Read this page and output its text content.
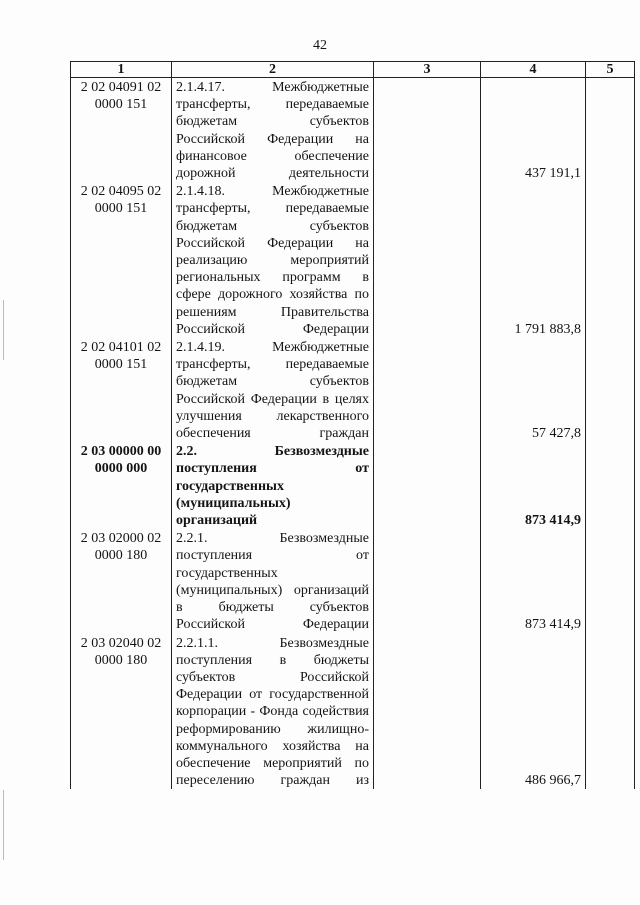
42
1	2	3	4	5
2 02 04091 02 0000 151	2.1.4.17. Межбюджетные трансферты, передаваемые бюджетам субъектов Российской Федерации на финансовое обеспечение дорожной деятельности		437 191,1	
2 02 04095 02 0000 151	2.1.4.18. Межбюджетные трансферты, передаваемые бюджетам субъектов Российской Федерации на реализацию мероприятий региональных программ в сфере дорожного хозяйства по решениям Правительства Российской Федерации		1 791 883,8	
2 02 04101 02 0000 151	2.1.4.19. Межбюджетные трансферты, передаваемые бюджетам субъектов Российской Федерации в целях улучшения лекарственного обеспечения граждан		57 427,8	
2 03 00000 00 0000 000	2.2. Безвозмездные поступления от государственных (муниципальных) организаций		873 414,9	
2 03 02000 02 0000 180	2.2.1. Безвозмездные поступления от государственных (муниципальных) организаций в бюджеты субъектов Российской Федерации		873 414,9	
2 03 02040 02 0000 180	2.2.1.1. Безвозмездные поступления в бюджеты субъектов Российской Федерации от государственной корпорации - Фонда содействия реформированию жилищно-коммунального хозяйства на обеспечение мероприятий по переселению граждан из		486 966,7	
